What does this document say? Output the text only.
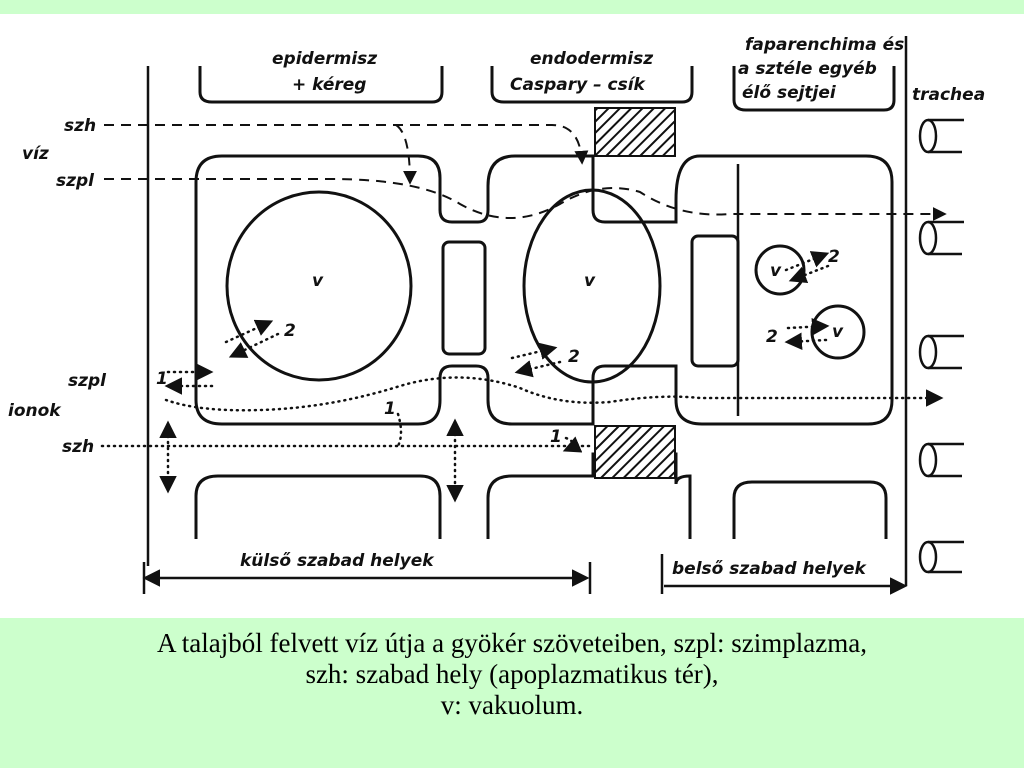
epidermisz
+ kéreg
endodermisz
Caspary – csík
faparenchima és
a sztéle egyéb
élő sejtjei	trachea
szh
víz
szpl
szpl
ionok
szh
v	v	v
v
1
1
1
2
2
2
2
külső szabad helyek	belső szabad helyek
A talajból felvett víz útja a gyökér szöveteiben, szpl: szimplazma,
szh: szabad hely (apoplazmatikus tér),
v: vakuolum.
